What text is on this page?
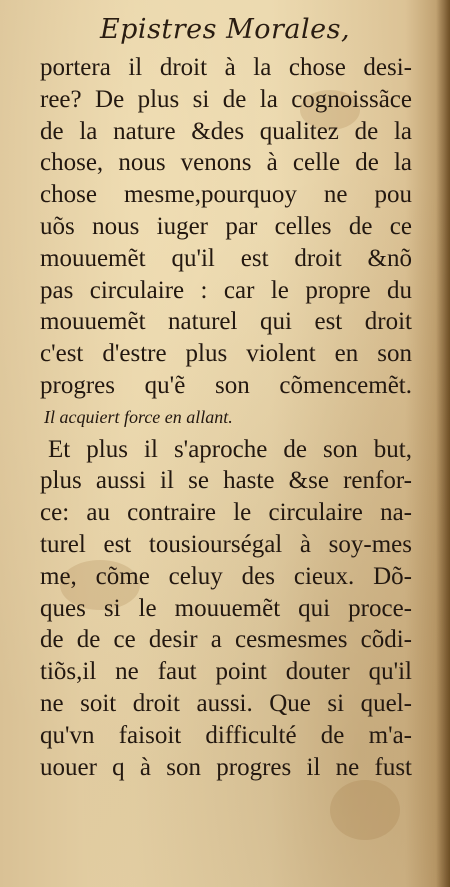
Epistres Morales,
portera il droit à la chose desi-
ree? De plus si de la cognoissãce
de la nature &des qualitez de la
chose, nous venons à celle de la
chose mesme,pourquoy ne pou
uõs nous iuger par celles de ce
mouuemẽt qu'il est droit &nõ
pas circulaire : car le propre du
mouuemẽt naturel qui est droit
c'est d'estre plus violent en son
progres qu'ẽ son cõmencemẽt.
Il acquiert force en allant.
Et plus il s'aproche de son but,
plus aussi il se haste &se renfor-
ce: au contraire le circulaire na-
turel est tousiourségal à soy-mes
me, cõme celuy des cieux. Dõ-
ques si le mouuemẽt qui proce-
de de ce desir a cesmesmes cõdi-
tiõs,il ne faut point douter qu'il
ne soit droit aussi. Que si quel-
qu'vn faisoit difficulté de m'a-
uouer q à son progres il ne fust
